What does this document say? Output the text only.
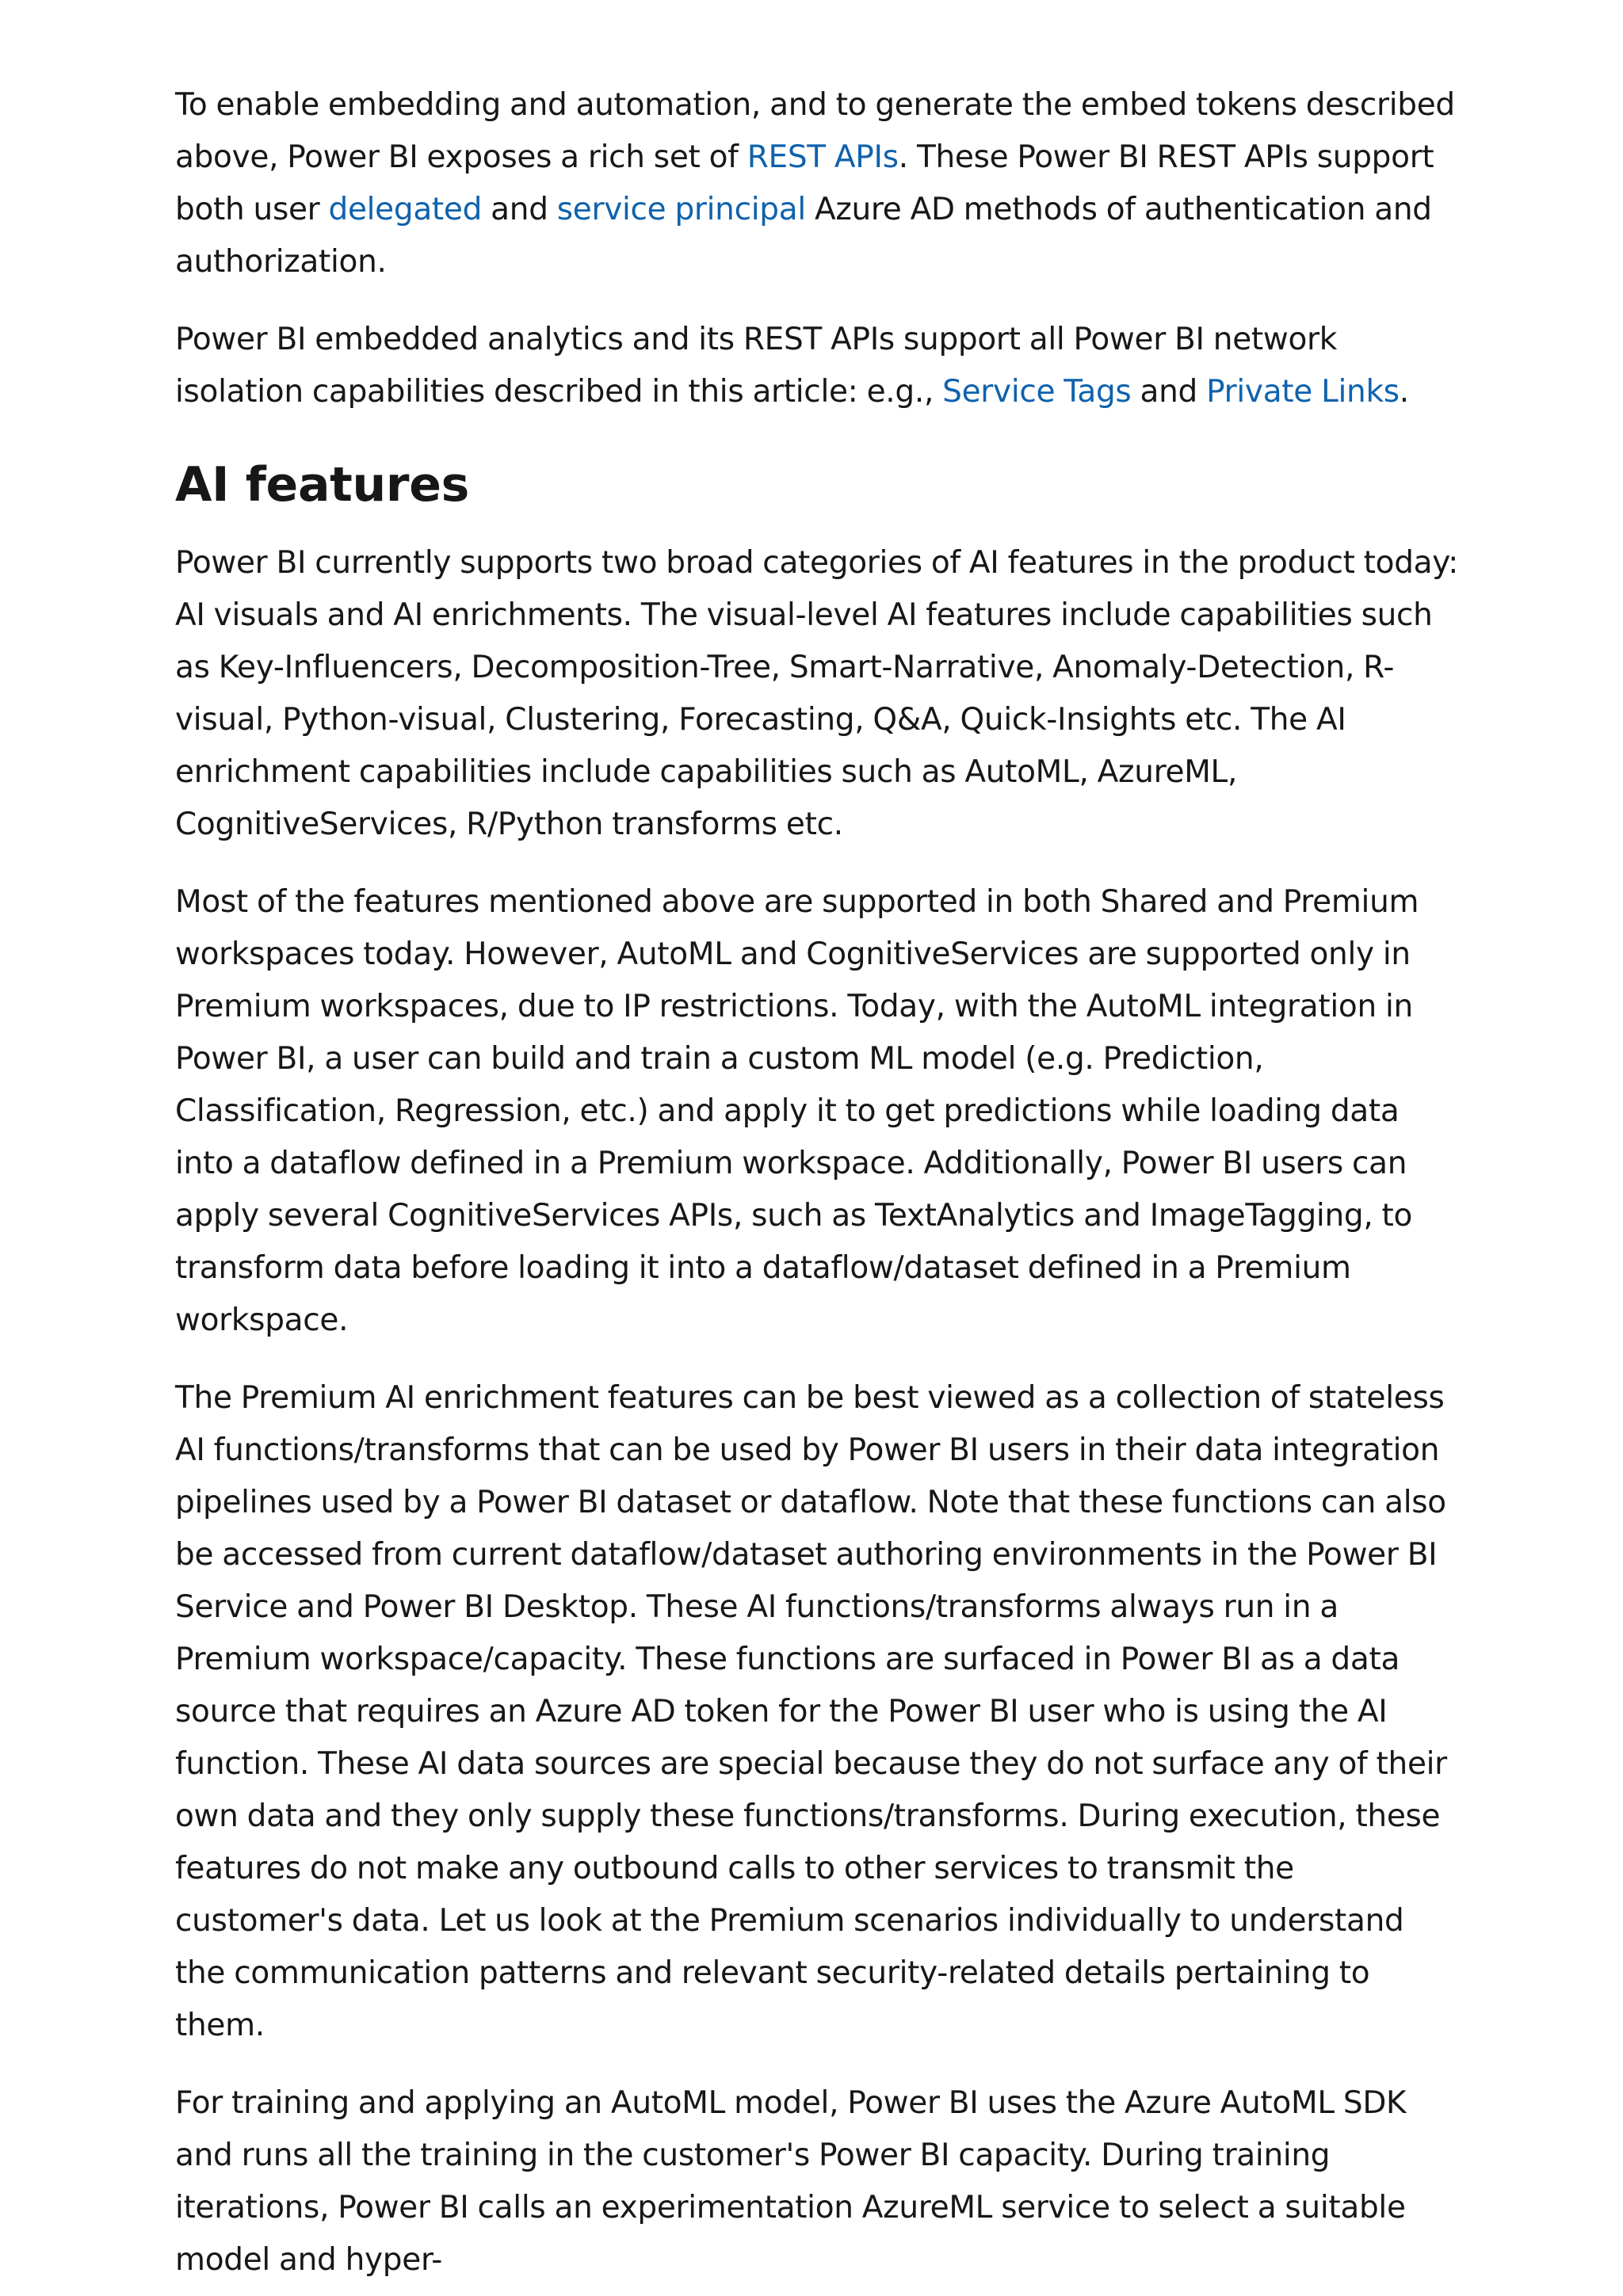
To enable embedding and automation, and to generate the embed tokens described above, Power BI exposes a rich set of REST APIs. These Power BI REST APIs support both user delegated and service principal Azure AD methods of authentication and authorization.

Power BI embedded analytics and its REST APIs support all Power BI network isolation capabilities described in this article: e.g., Service Tags and Private Links.

AI features

Power BI currently supports two broad categories of AI features in the product today: AI visuals and AI enrichments. The visual-level AI features include capabilities such as Key-Influencers, Decomposition-Tree, Smart-Narrative, Anomaly-Detection, R-visual, Python-visual, Clustering, Forecasting, Q&A, Quick-Insights etc. The AI enrichment capabilities include capabilities such as AutoML, AzureML, CognitiveServices, R/Python transforms etc.

Most of the features mentioned above are supported in both Shared and Premium workspaces today. However, AutoML and CognitiveServices are supported only in Premium workspaces, due to IP restrictions. Today, with the AutoML integration in Power BI, a user can build and train a custom ML model (e.g. Prediction, Classification, Regression, etc.) and apply it to get predictions while loading data into a dataflow defined in a Premium workspace. Additionally, Power BI users can apply several CognitiveServices APIs, such as TextAnalytics and ImageTagging, to transform data before loading it into a dataflow/dataset defined in a Premium workspace.

The Premium AI enrichment features can be best viewed as a collection of stateless AI functions/transforms that can be used by Power BI users in their data integration pipelines used by a Power BI dataset or dataflow. Note that these functions can also be accessed from current dataflow/dataset authoring environments in the Power BI Service and Power BI Desktop. These AI functions/transforms always run in a Premium workspace/capacity. These functions are surfaced in Power BI as a data source that requires an Azure AD token for the Power BI user who is using the AI function. These AI data sources are special because they do not surface any of their own data and they only supply these functions/transforms. During execution, these features do not make any outbound calls to other services to transmit the customer's data. Let us look at the Premium scenarios individually to understand the communication patterns and relevant security-related details pertaining to them.

For training and applying an AutoML model, Power BI uses the Azure AutoML SDK and runs all the training in the customer's Power BI capacity. During training iterations, Power BI calls an experimentation AzureML service to select a suitable model and hyper-
